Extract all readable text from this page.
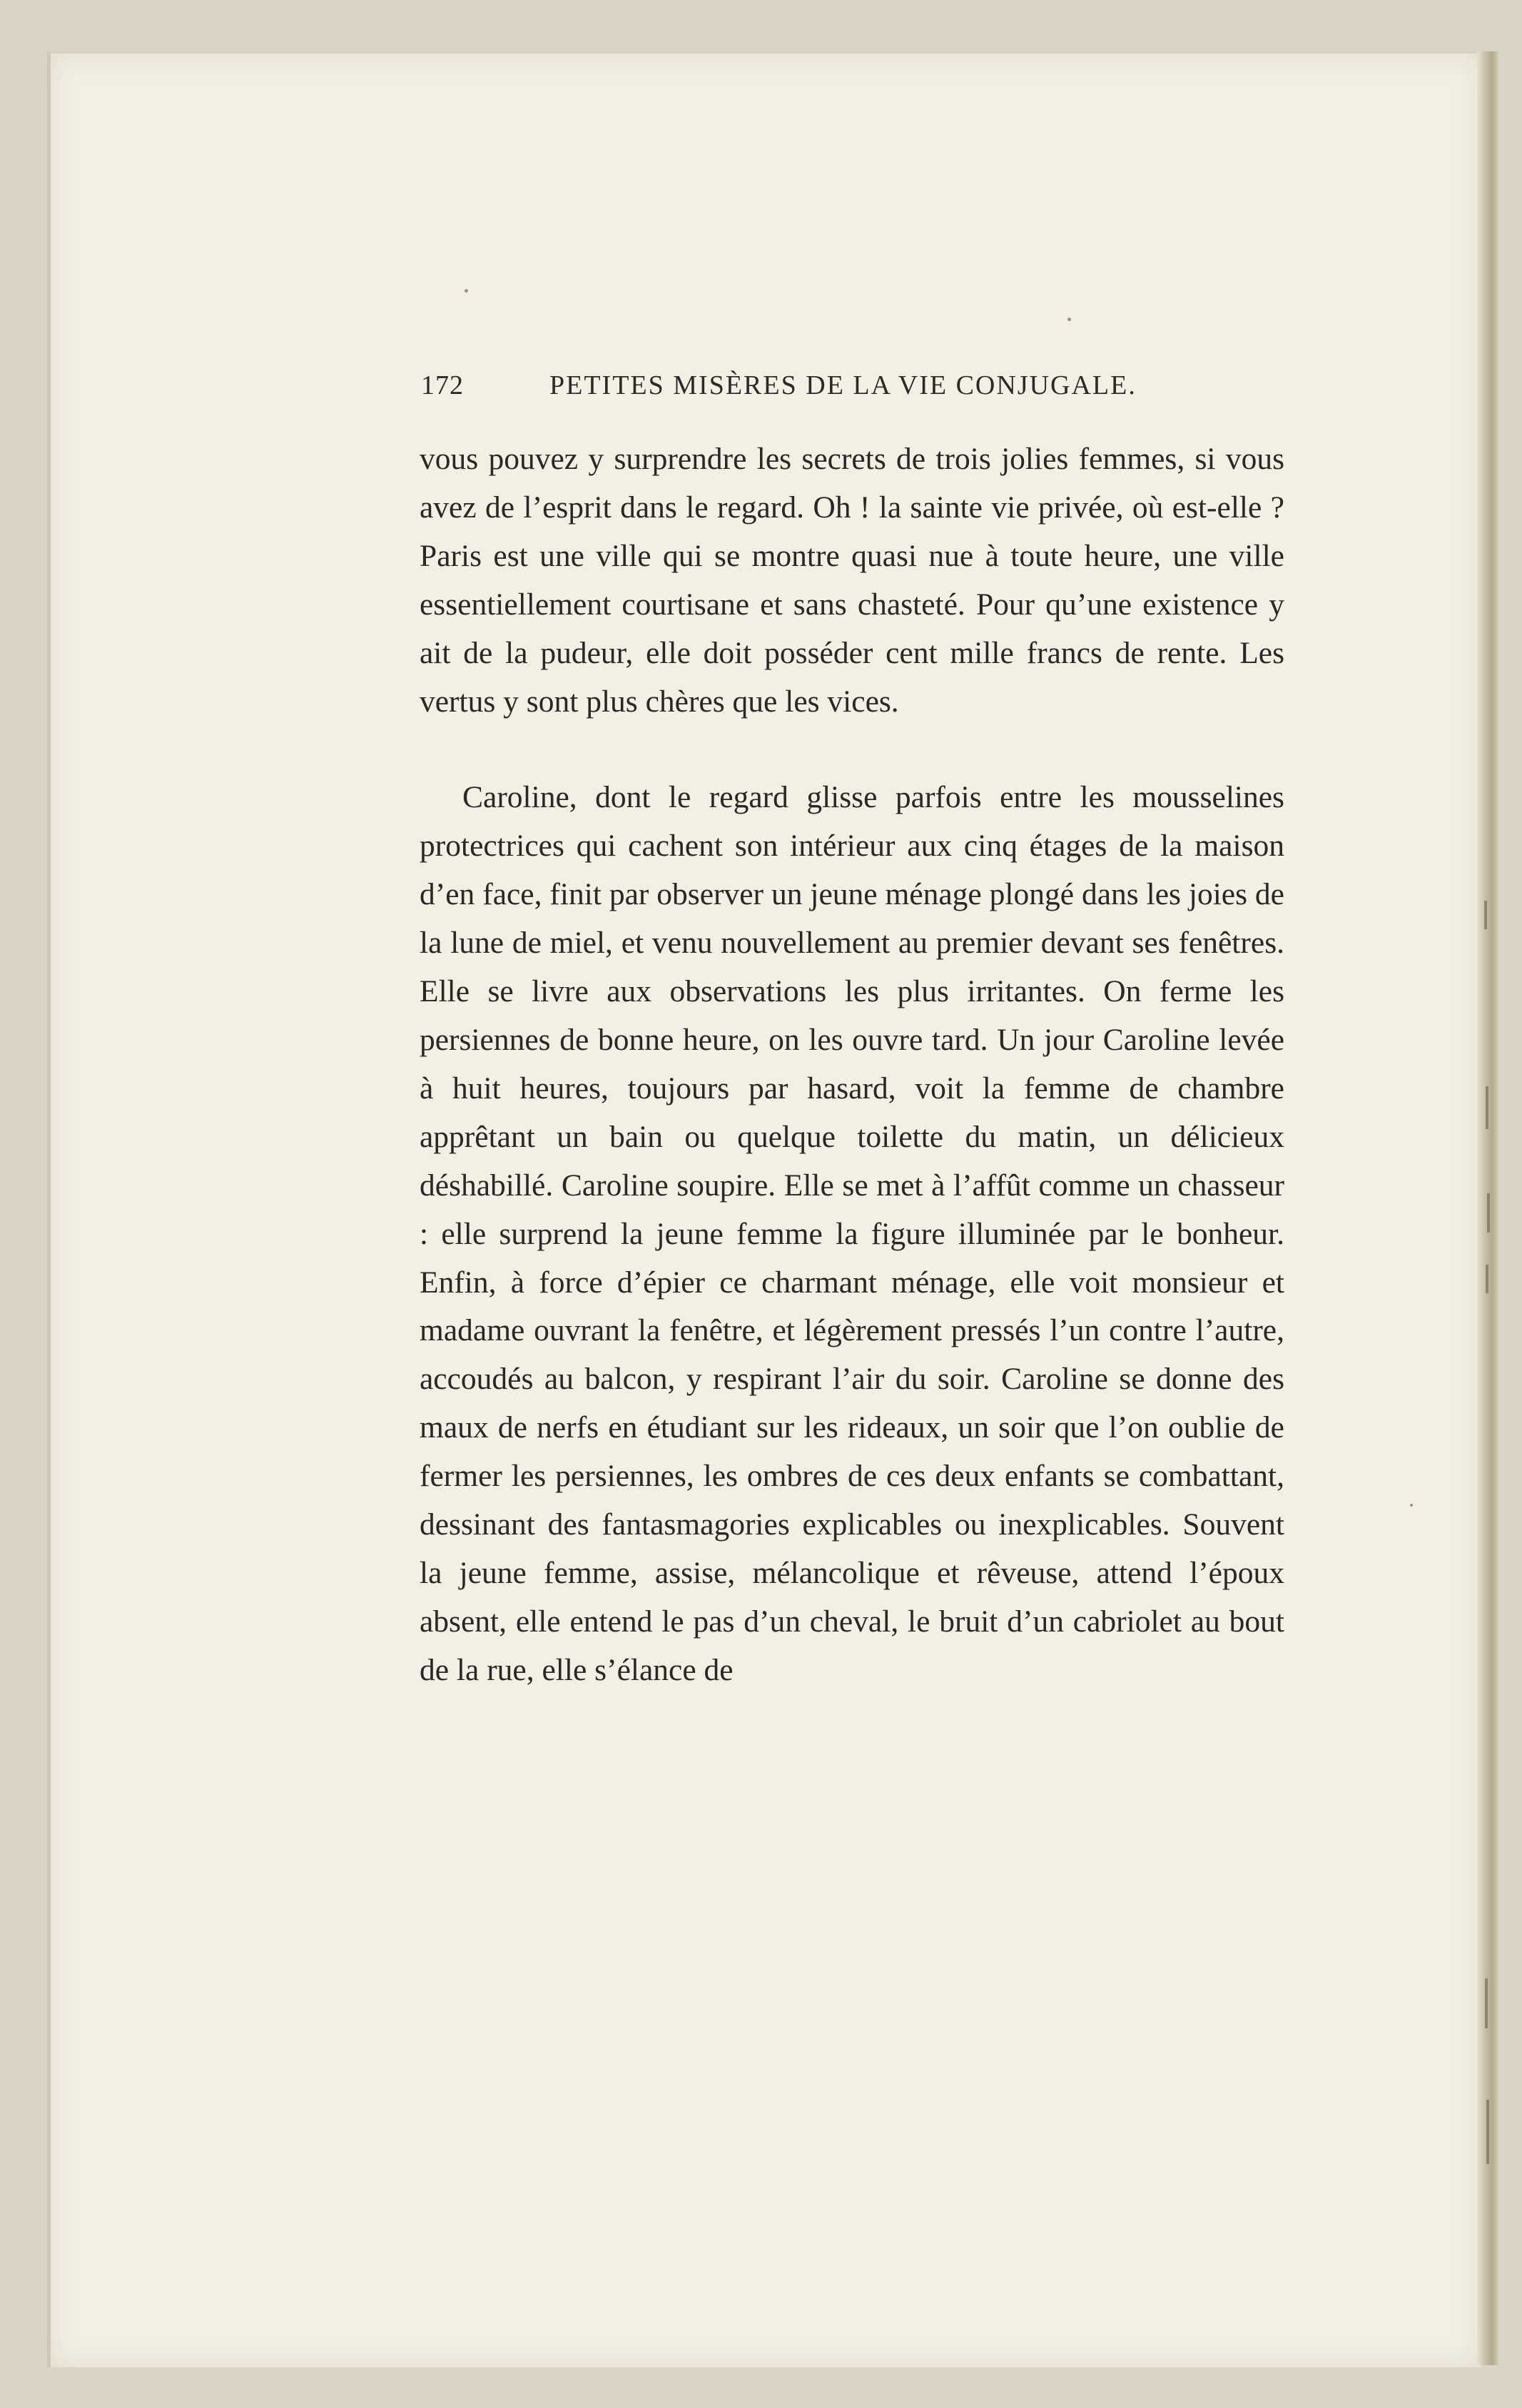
172	PETITES MISÈRES DE LA VIE CONJUGALE.

vous pouvez y surprendre les secrets de trois jolies femmes, si vous avez de l’esprit dans le regard. Oh ! la sainte vie privée, où est-elle ? Paris est une ville qui se montre quasi nue à toute heure, une ville essentiellement courtisane et sans chasteté. Pour qu’une existence y ait de la pudeur, elle doit posséder cent mille francs de rente. Les vertus y sont plus chères que les vices.

Caroline, dont le regard glisse parfois entre les mousselines protectrices qui cachent son intérieur aux cinq étages de la maison d’en face, finit par observer un jeune ménage plongé dans les joies de la lune de miel, et venu nouvellement au premier devant ses fenêtres. Elle se livre aux observations les plus irritantes. On ferme les persiennes de bonne heure, on les ouvre tard. Un jour Caroline levée à huit heures, toujours par hasard, voit la femme de chambre apprêtant un bain ou quelque toilette du matin, un délicieux déshabillé. Caroline soupire. Elle se met à l’affût comme un chasseur : elle surprend la jeune femme la figure illuminée par le bonheur. Enfin, à force d’épier ce charmant ménage, elle voit monsieur et madame ouvrant la fenêtre, et légèrement pressés l’un contre l’autre, accoudés au balcon, y respirant l’air du soir. Caroline se donne des maux de nerfs en étudiant sur les rideaux, un soir que l’on oublie de fermer les persiennes, les ombres de ces deux enfants se combattant, dessinant des fantasmagories explicables ou inexplicables. Souvent la jeune femme, assise, mélancolique et rêveuse, attend l’époux absent, elle entend le pas d’un cheval, le bruit d’un cabriolet au bout de la rue, elle s’élance de
